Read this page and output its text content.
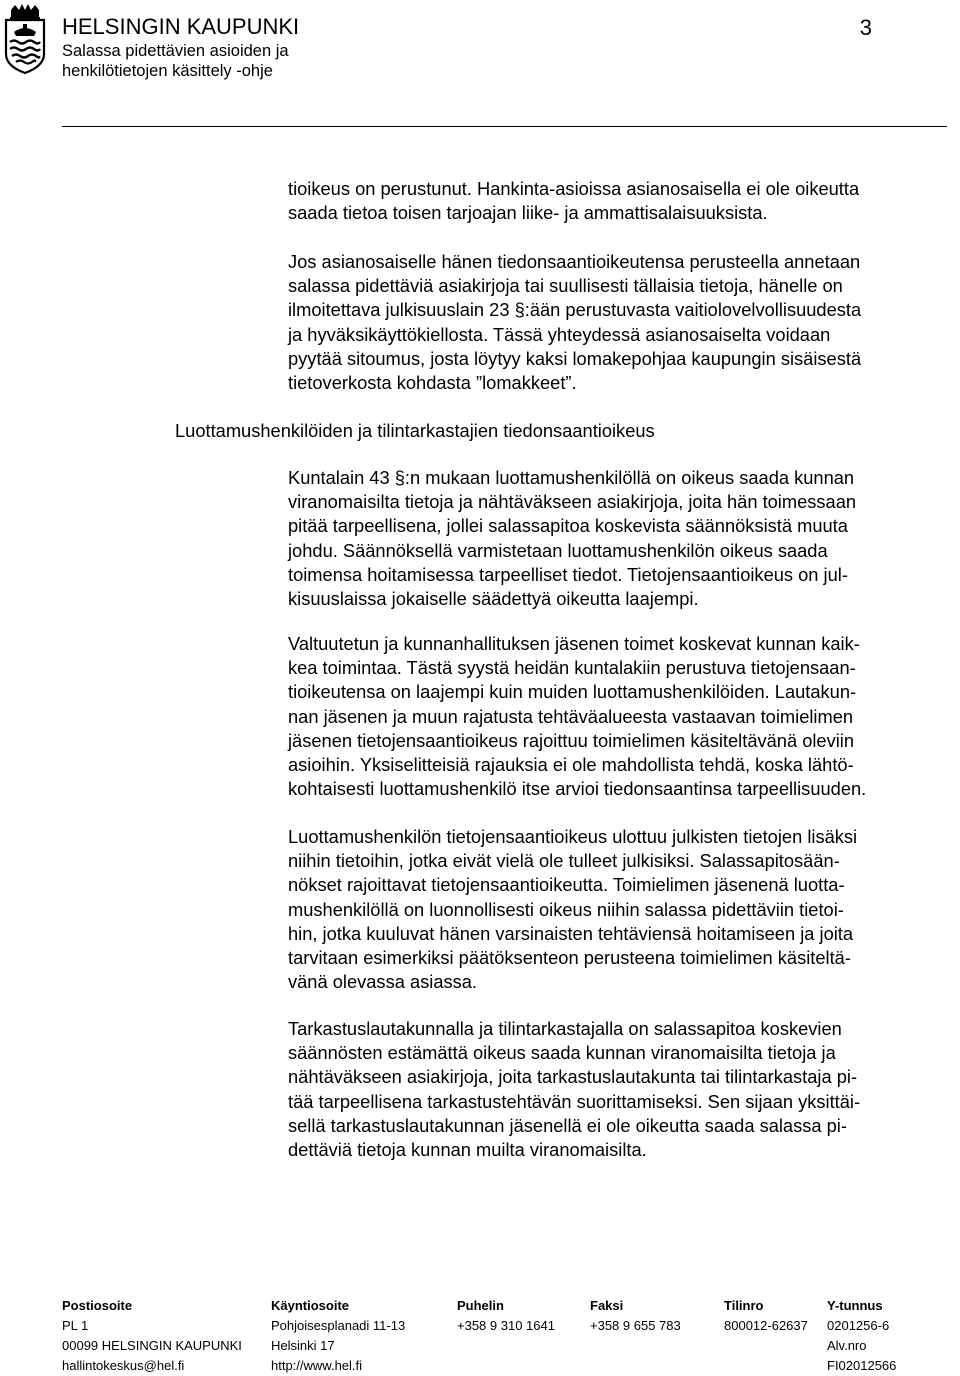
HELSINGIN KAUPUNKI
Salassa pidettävien asioiden ja
henkilötietojen käsittely -ohje
3

tioikeus on perustunut. Hankinta-asioissa asianosaisella ei ole oikeutta
saada tietoa toisen tarjoajan liike- ja ammattisalaisuuksista.

Jos asianosaiselle hänen tiedonsaantioikeutensa perusteella annetaan
salassa pidettäviä asiakirjoja tai suullisesti tällaisia tietoja, hänelle on
ilmoitettava julkisuuslain 23 §:ään perustuvasta vaitiolovelvollisuudesta
ja hyväksikäyttökiellosta. Tässä yhteydessä asianosaiselta voidaan
pyytää sitoumus, josta löytyy kaksi lomakepohjaa kaupungin sisäisestä
tietoverkosta kohdasta ”lomakkeet”.

Luottamushenkilöiden ja tilintarkastajien tiedonsaantioikeus

Kuntalain 43 §:n mukaan luottamushenkilöllä on oikeus saada kunnan
viranomaisilta tietoja ja nähtäväkseen asiakirjoja, joita hän toimessaan
pitää tarpeellisena, jollei salassapitoa koskevista säännöksistä muuta
johdu. Säännöksellä varmistetaan luottamushenkilön oikeus saada
toimensa hoitamisessa tarpeelliset tiedot. Tietojensaantioikeus on jul-
kisuuslaissa jokaiselle säädettyä oikeutta laajempi.

Valtuutetun ja kunnanhallituksen jäsenen toimet koskevat kunnan kaik-
kea toimintaa. Tästä syystä heidän kuntalakiin perustuva tietojensaan-
tioikeutensa on laajempi kuin muiden luottamushenkilöiden. Lautakun-
nan jäsenen ja muun rajatusta tehtäväalueesta vastaavan toimielimen
jäsenen tietojensaantioikeus rajoittuu toimielimen käsiteltävänä oleviin
asioihin. Yksiselitteisiä rajauksia ei ole mahdollista tehdä, koska lähtö-
kohtaisesti luottamushenkilö itse arvioi tiedonsaantinsa tarpeellisuuden.

Luottamushenkilön tietojensaantioikeus ulottuu julkisten tietojen lisäksi
niihin tietoihin, jotka eivät vielä ole tulleet julkisiksi. Salassapitosään-
nökset rajoittavat tietojensaantioikeutta. Toimielimen jäsenenä luotta-
mushenkilöllä on luonnollisesti oikeus niihin salassa pidettäviin tietoi-
hin, jotka kuuluvat hänen varsinaisten tehtäviensä hoitamiseen ja joita
tarvitaan esimerkiksi päätöksenteon perusteena toimielimen käsiteltä-
vänä olevassa asiassa.

Tarkastuslautakunnalla ja tilintarkastajalla on salassapitoa koskevien
säännösten estämättä oikeus saada kunnan viranomaisilta tietoja ja
nähtäväkseen asiakirjoja, joita tarkastuslautakunta tai tilintarkastaja pi-
tää tarpeellisena tarkastustehtävän suorittamiseksi. Sen sijaan yksittäi-
sellä tarkastuslautakunnan jäsenellä ei ole oikeutta saada salassa pi-
dettäviä tietoja kunnan muilta viranomaisilta.

Postiosoite
PL 1
00099 HELSINGIN KAUPUNKI
hallintokeskus@hel.fi
Käyntiosoite
Pohjoisesplanadi 11-13
Helsinki 17
http://www.hel.fi
Puhelin
+358 9 310 1641
Faksi
+358 9 655 783
Tilinro
800012-62637
Y-tunnus
0201256-6
Alv.nro
FI02012566
